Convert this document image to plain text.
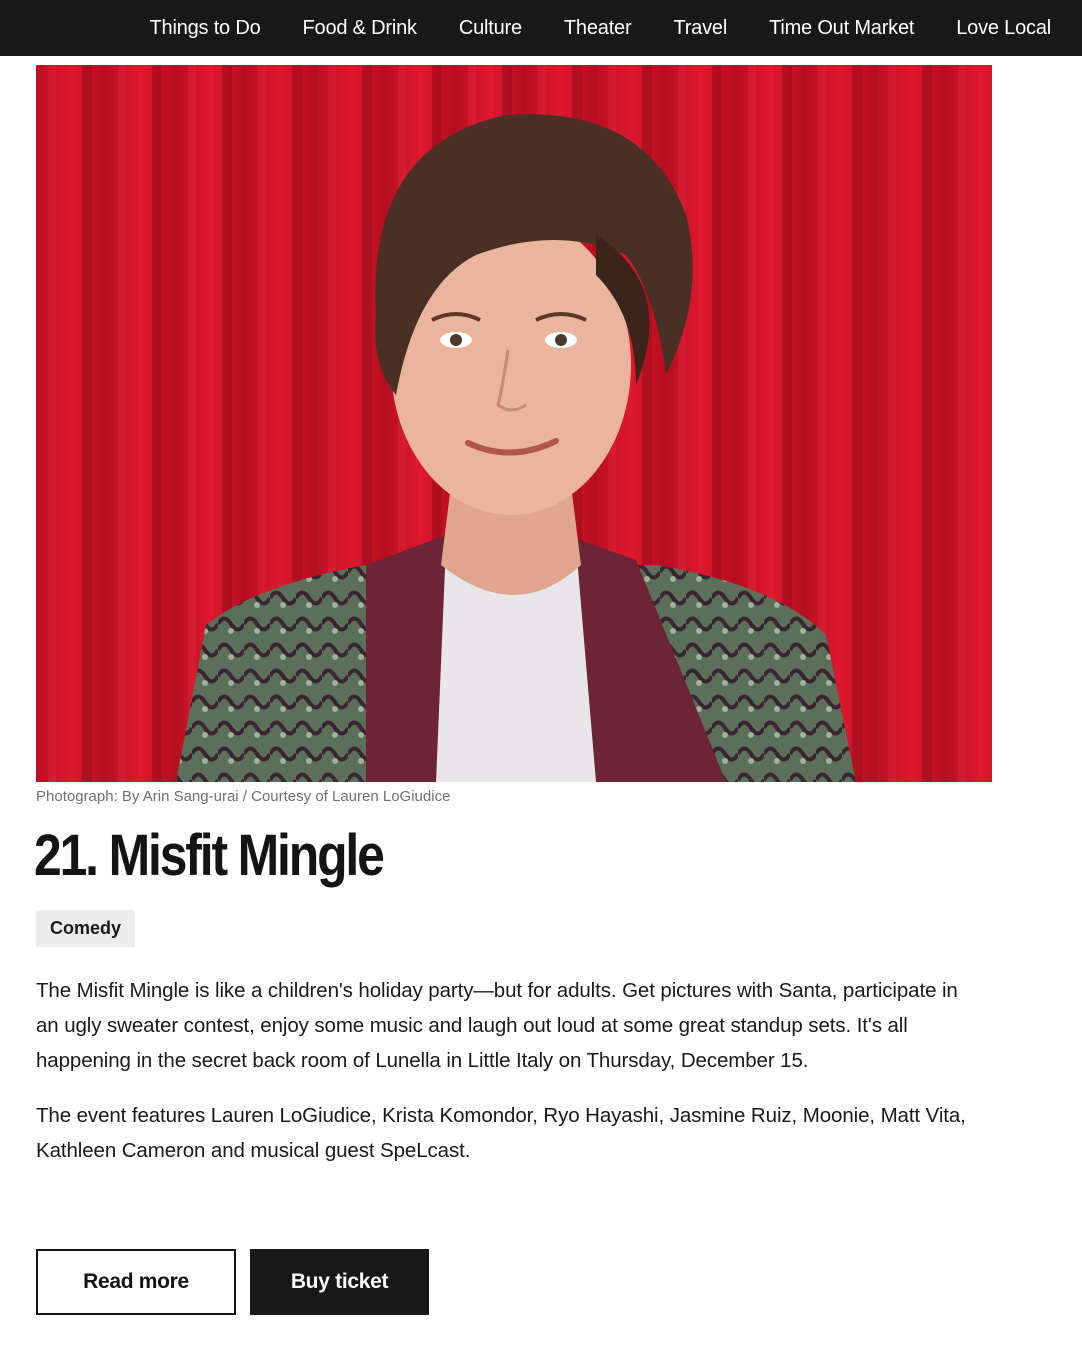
Things to Do	Food & Drink	Culture	Theater	Travel	Time Out Market	Love Local
Photograph: By Arin Sang-urai / Courtesy of Lauren LoGiudice
21. Misfit Mingle
Comedy

The Misfit Mingle is like a children's holiday party—but for adults. Get pictures with Santa, participate in an ugly sweater contest, enjoy some music and laugh out loud at some great standup sets. It's all happening in the secret back room of Lunella in Little Italy on Thursday, December 15.

The event features Lauren LoGiudice, Krista Komondor, Ryo Hayashi, Jasmine Ruiz, Moonie, Matt Vita, Kathleen Cameron and musical guest SpeLcast.

Read more	Buy ticket
